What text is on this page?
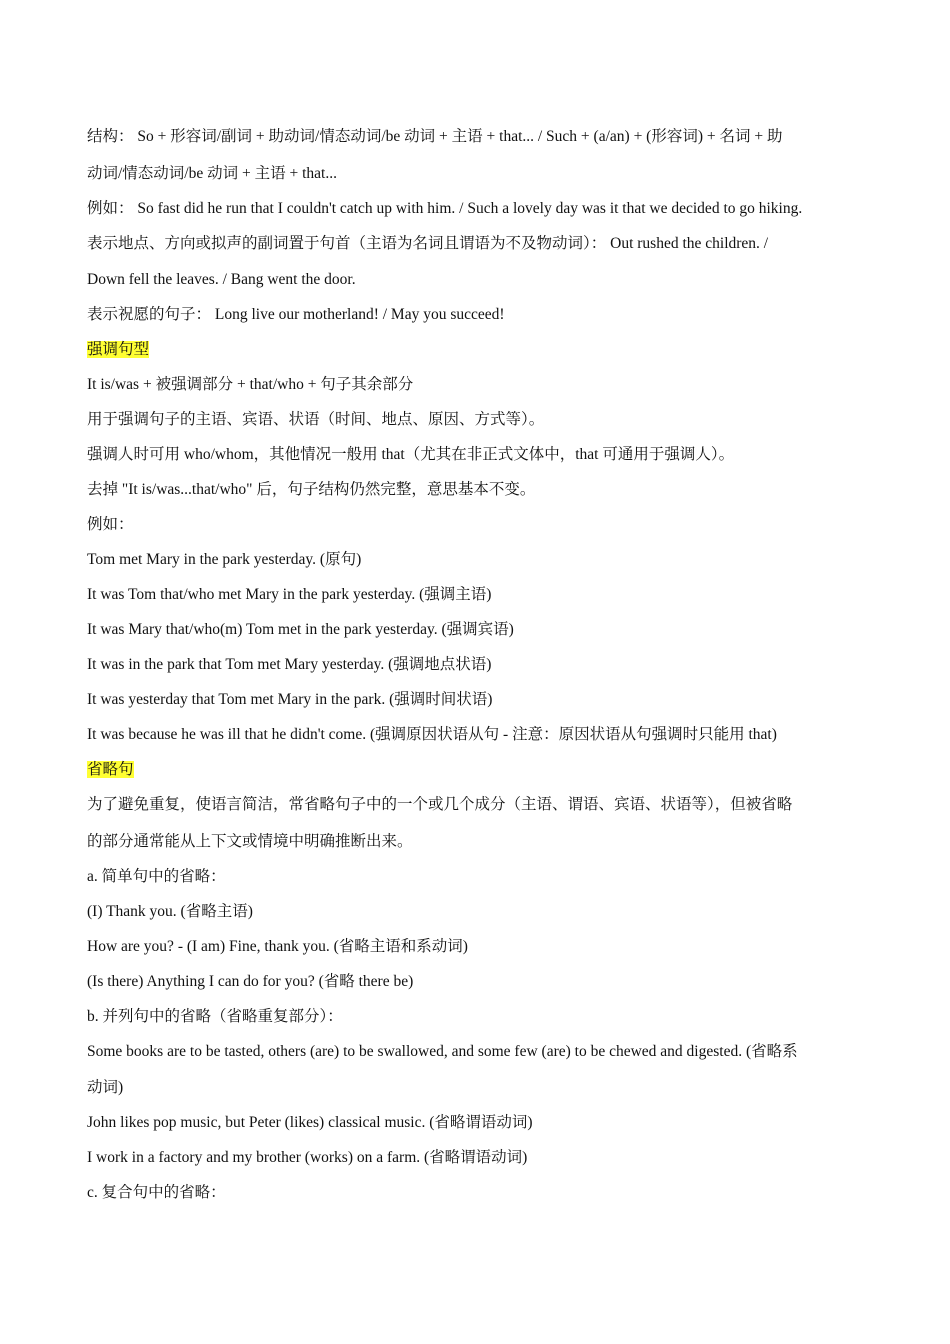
结构： So + 形容词/副词 + 助动词/情态动词/be 动词 + 主语 + that... / Such + (a/an) + (形容词) + 名词 + 助

动词/情态动词/be 动词 + 主语 + that...

例如： So fast did he run that I couldn't catch up with him. / Such a lovely day was it that we decided to go hiking.

表示地点、方向或拟声的副词置于句首（主语为名词且谓语为不及物动词）： Out rushed the children. /

Down fell the leaves. / Bang went the door.

表示祝愿的句子： Long live our motherland! / May you succeed!

强调句型

It is/was + 被强调部分 + that/who + 句子其余部分

用于强调句子的主语、宾语、状语（时间、地点、原因、方式等）。

强调人时可用 who/whom，其他情况一般用 that（尤其在非正式文体中，that 可通用于强调人）。

去掉 "It is/was...that/who" 后，句子结构仍然完整，意思基本不变。

例如：

Tom met Mary in the park yesterday. (原句)

It was Tom that/who met Mary in the park yesterday. (强调主语)

It was Mary that/who(m) Tom met in the park yesterday. (强调宾语)

It was in the park that Tom met Mary yesterday. (强调地点状语)

It was yesterday that Tom met Mary in the park. (强调时间状语)

It was because he was ill that he didn't come. (强调原因状语从句 - 注意：原因状语从句强调时只能用 that)

省略句

为了避免重复，使语言简洁，常省略句子中的一个或几个成分（主语、谓语、宾语、状语等），但被省略

的部分通常能从上下文或情境中明确推断出来。

a. 简单句中的省略：

(I) Thank you. (省略主语)

How are you? - (I am) Fine, thank you. (省略主语和系动词)

(Is there) Anything I can do for you? (省略 there be)

b. 并列句中的省略（省略重复部分）：

Some books are to be tasted, others (are) to be swallowed, and some few (are) to be chewed and digested. (省略系

动词)

John likes pop music, but Peter (likes) classical music. (省略谓语动词)

I work in a factory and my brother (works) on a farm. (省略谓语动词)

c. 复合句中的省略：
